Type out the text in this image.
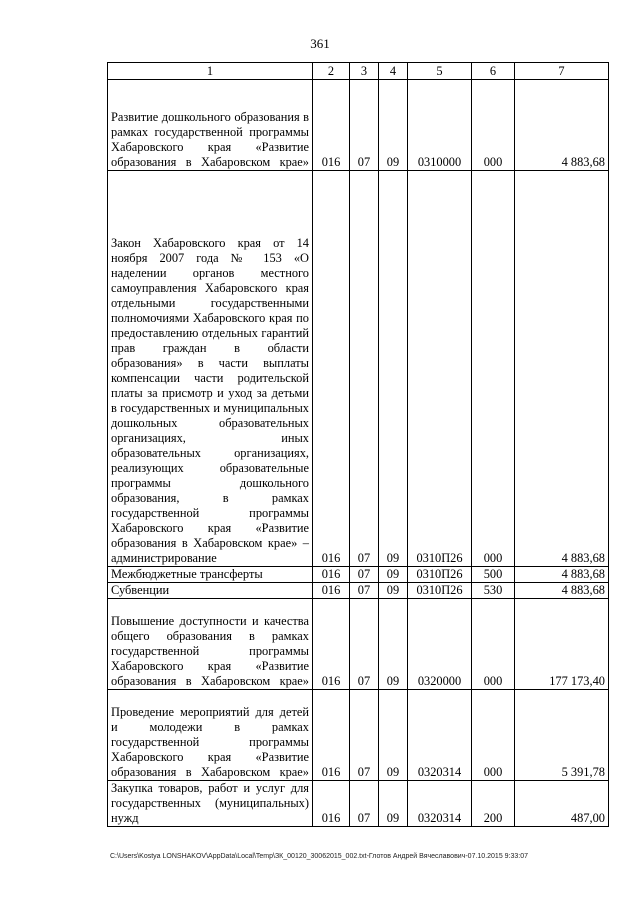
361
1	2	3	4	5	6	7
Развитие дошкольного образования в рамках государственной программы Хабаровского края «Развитие образования в Хабаровском крае»	016	07	09	0310000	000	4 883,68
Закон Хабаровского края от 14 ноября 2007 года № 153 «О наделении органов местного самоуправления Хабаровского края отдельными государственными полномочиями Хабаровского края по предоставлению отдельных гарантий прав граждан в области образования» в части выплаты компенсации части родительской платы за присмотр и уход за детьми в государственных и муниципальных дошкольных образовательных организациях, иных образовательных организациях, реализующих образовательные программы дошкольного образования, в рамках государственной программы Хабаровского края «Развитие образования в Хабаровском крае» – администрирование	016	07	09	0310П26	000	4 883,68
Межбюджетные трансферты	016	07	09	0310П26	500	4 883,68
Субвенции	016	07	09	0310П26	530	4 883,68
Повышение доступности и качества общего образования в рамках государственной программы Хабаровского края «Развитие образования в Хабаровском крае»	016	07	09	0320000	000	177 173,40
Проведение мероприятий для детей и молодежи в рамках государственной программы Хабаровского края «Развитие образования в Хабаровском крае»	016	07	09	0320314	000	5 391,78
Закупка товаров, работ и услуг для государственных (муниципальных) нужд	016	07	09	0320314	200	487,00
C:\Users\Kostya LONSHAKOV\AppData\Local\Temp\ЗК_00120_30062015_002.txt-Глотов Андрей Вячеславович-07.10.2015 9:33:07
